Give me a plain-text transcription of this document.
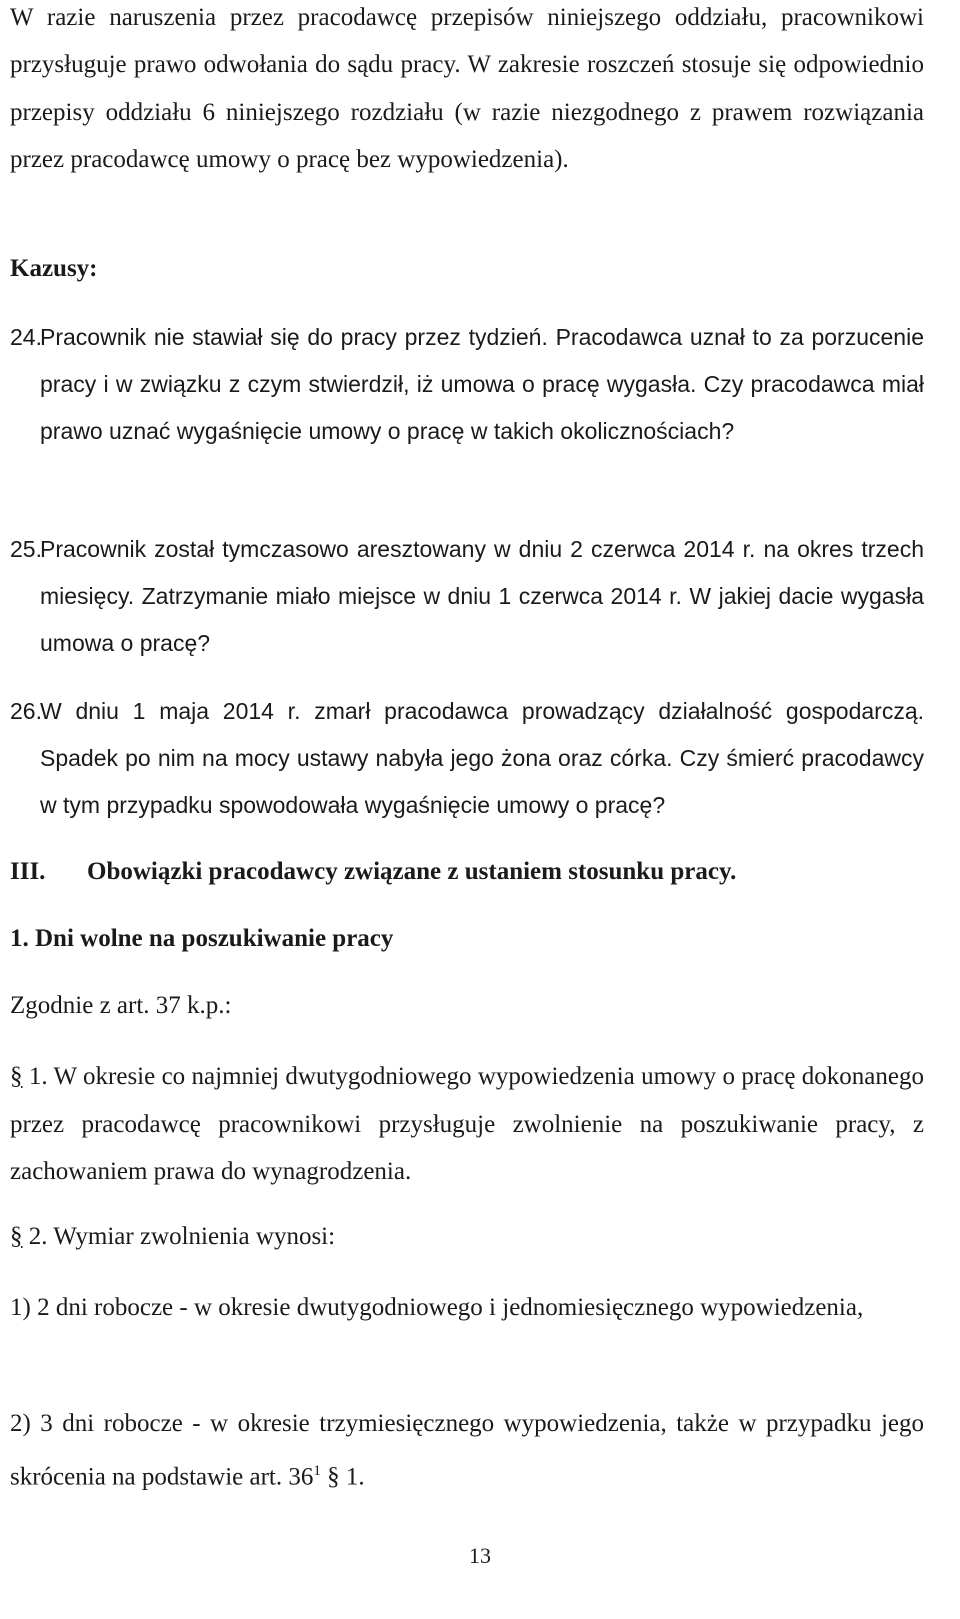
W razie naruszenia przez pracodawcę przepisów niniejszego oddziału, pracownikowi przysługuje prawo odwołania do sądu pracy. W zakresie roszczeń stosuje się odpowiednio przepisy oddziału 6 niniejszego rozdziału (w razie niezgodnego z prawem rozwiązania przez pracodawcę umowy o pracę bez wypowiedzenia).
Kazusy:
24.
Pracownik nie stawiał się do pracy przez tydzień. Pracodawca uznał to za porzucenie pracy i w związku z czym stwierdził, iż umowa o pracę wygasła. Czy pracodawca miał prawo uznać wygaśnięcie umowy o pracę w takich okolicznościach?
25.
Pracownik został tymczasowo aresztowany w dniu 2 czerwca 2014 r. na okres trzech miesięcy. Zatrzymanie miało miejsce w dniu 1 czerwca 2014 r. W jakiej dacie wygasła umowa o pracę?
26.
W dniu 1 maja 2014 r. zmarł pracodawca prowadzący działalność gospodarczą. Spadek po nim na mocy ustawy nabyła jego żona oraz córka. Czy śmierć pracodawcy w tym przypadku spowodowała wygaśnięcie umowy o pracę?
III. Obowiązki pracodawcy związane z ustaniem stosunku pracy.
1. Dni wolne na poszukiwanie pracy
Zgodnie z art. 37 k.p.:
§ 1. W okresie co najmniej dwutygodniowego wypowiedzenia umowy o pracę dokonanego przez pracodawcę pracownikowi przysługuje zwolnienie na poszukiwanie pracy, z zachowaniem prawa do wynagrodzenia.
§ 2. Wymiar zwolnienia wynosi:
1) 2 dni robocze - w okresie dwutygodniowego i jednomiesięcznego wypowiedzenia,
2) 3 dni robocze - w okresie trzymiesięcznego wypowiedzenia, także w przypadku jego skrócenia na podstawie art. $36^1$ § 1.
13
